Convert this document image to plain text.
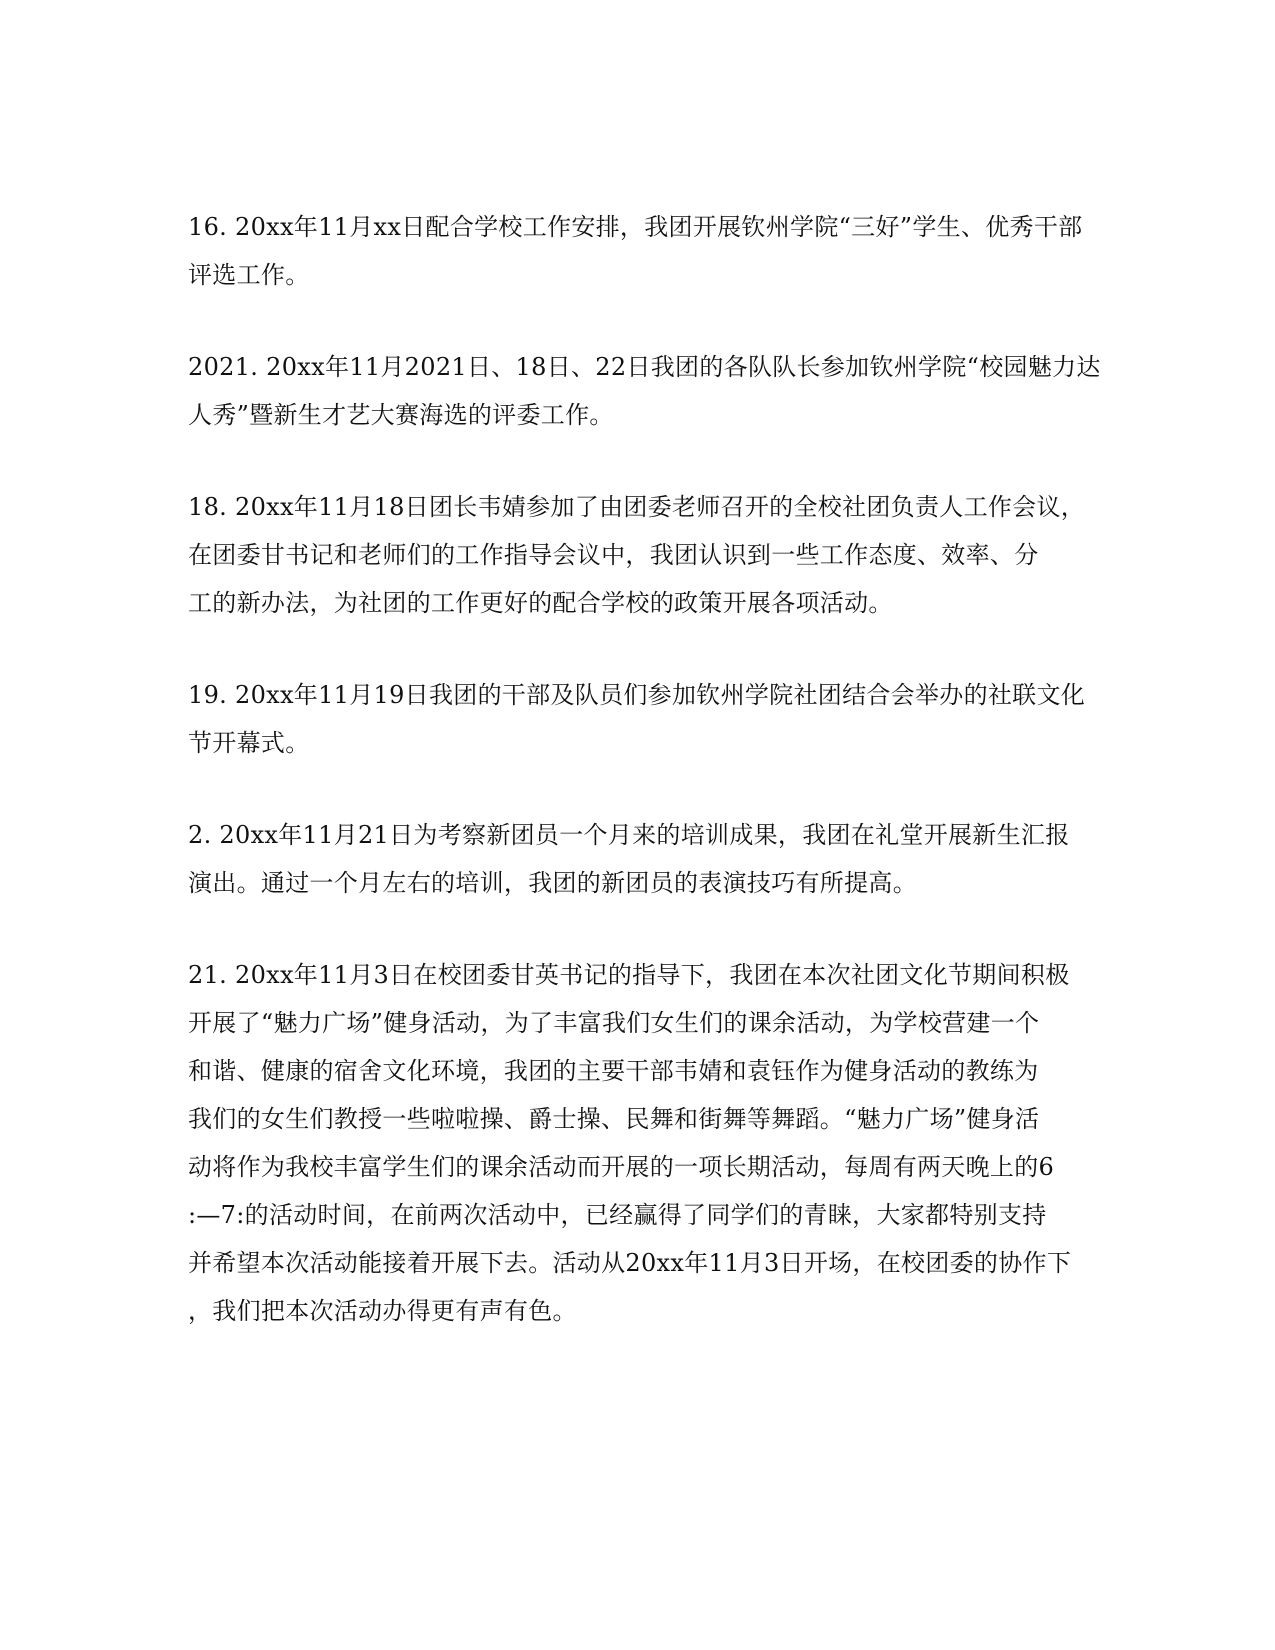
16. 20xx年11月xx日配合学校工作安排，我团开展钦州学院“三好”学生、优秀干部
评选工作。

2021. 20xx年11月2021日、18日、22日我团的各队队长参加钦州学院“校园魅力达
人秀”暨新生才艺大赛海选的评委工作。

18. 20xx年11月18日团长韦婧参加了由团委老师召开的全校社团负责人工作会议，
在团委甘书记和老师们的工作指导会议中，我团认识到一些工作态度、效率、分
工的新办法，为社团的工作更好的配合学校的政策开展各项活动。

19. 20xx年11月19日我团的干部及队员们参加钦州学院社团结合会举办的社联文化
节开幕式。

2. 20xx年11月21日为考察新团员一个月来的培训成果，我团在礼堂开展新生汇报
演出。通过一个月左右的培训，我团的新团员的表演技巧有所提高。

21. 20xx年11月3日在校团委甘英书记的指导下，我团在本次社团文化节期间积极
开展了“魅力广场”健身活动，为了丰富我们女生们的课余活动，为学校营建一个
和谐、健康的宿舍文化环境，我团的主要干部韦婧和袁钰作为健身活动的教练为
我们的女生们教授一些啦啦操、爵士操、民舞和街舞等舞蹈。“魅力广场”健身活
动将作为我校丰富学生们的课余活动而开展的一项长期活动，每周有两天晚上的6
:—7:的活动时间，在前两次活动中，已经赢得了同学们的青睐，大家都特别支持
并希望本次活动能接着开展下去。活动从20xx年11月3日开场，在校团委的协作下
，我们把本次活动办得更有声有色。
